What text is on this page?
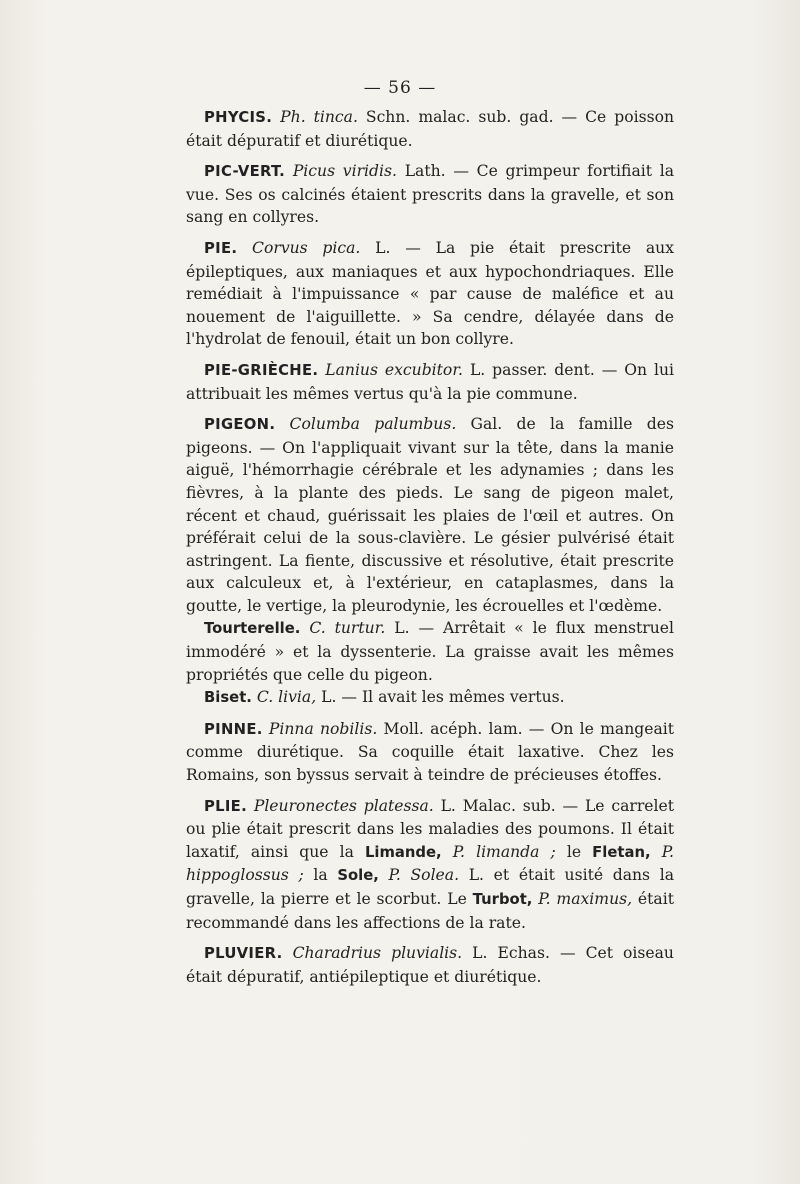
— 56 —

PHYCIS. Ph. tinca. Schn. malac. sub. gad. — Ce poisson était dépuratif et diurétique.

PIC-VERT. Picus viridis. Lath. — Ce grimpeur fortifiait la vue. Ses os calcinés étaient prescrits dans la gravelle, et son sang en collyres.

PIE. Corvus pica. L. — La pie était prescrite aux épileptiques, aux maniaques et aux hypochondriaques. Elle remédiait à l'impuissance « par cause de maléfice et au nouement de l'aiguillette. » Sa cendre, délayée dans de l'hydrolat de fenouil, était un bon collyre.

PIE-GRIÈCHE. Lanius excubitor. L. passer. dent. — On lui attribuait les mêmes vertus qu'à la pie commune.

PIGEON. Columba palumbus. Gal. de la famille des pigeons. — On l'appliquait vivant sur la tête, dans la manie aiguë, l'hémorrhagie cérébrale et les adynamies ; dans les fièvres, à la plante des pieds. Le sang de pigeon malet, récent et chaud, guérissait les plaies de l'œil et autres. On préférait celui de la sous-clavière. Le gésier pulvérisé était astringent. La fiente, discussive et résolutive, était prescrite aux calculeux et, à l'extérieur, en cataplasmes, dans la goutte, le vertige, la pleurodynie, les écrouelles et l'œdème.

Tourterelle. C. turtur. L. — Arrêtait « le flux menstruel immodéré » et la dyssenterie. La graisse avait les mêmes propriétés que celle du pigeon.

Biset. C. livia, L. — Il avait les mêmes vertus.

PINNE. Pinna nobilis. Moll. acéph. lam. — On le mangeait comme diurétique. Sa coquille était laxative. Chez les Romains, son byssus servait à teindre de précieuses étoffes.

PLIE. Pleuronectes platessa. L. Malac. sub. — Le carrelet ou plie était prescrit dans les maladies des poumons. Il était laxatif, ainsi que la Limande, P. limanda ; le Fletan, P. hippoglossus ; la Sole, P. Solea. L. et était usité dans la gravelle, la pierre et le scorbut. Le Turbot, P. maximus, était recommandé dans les affections de la rate.

PLUVIER. Charadrius pluvialis. L. Echas. — Cet oiseau était dépuratif, antiépileptique et diurétique.
